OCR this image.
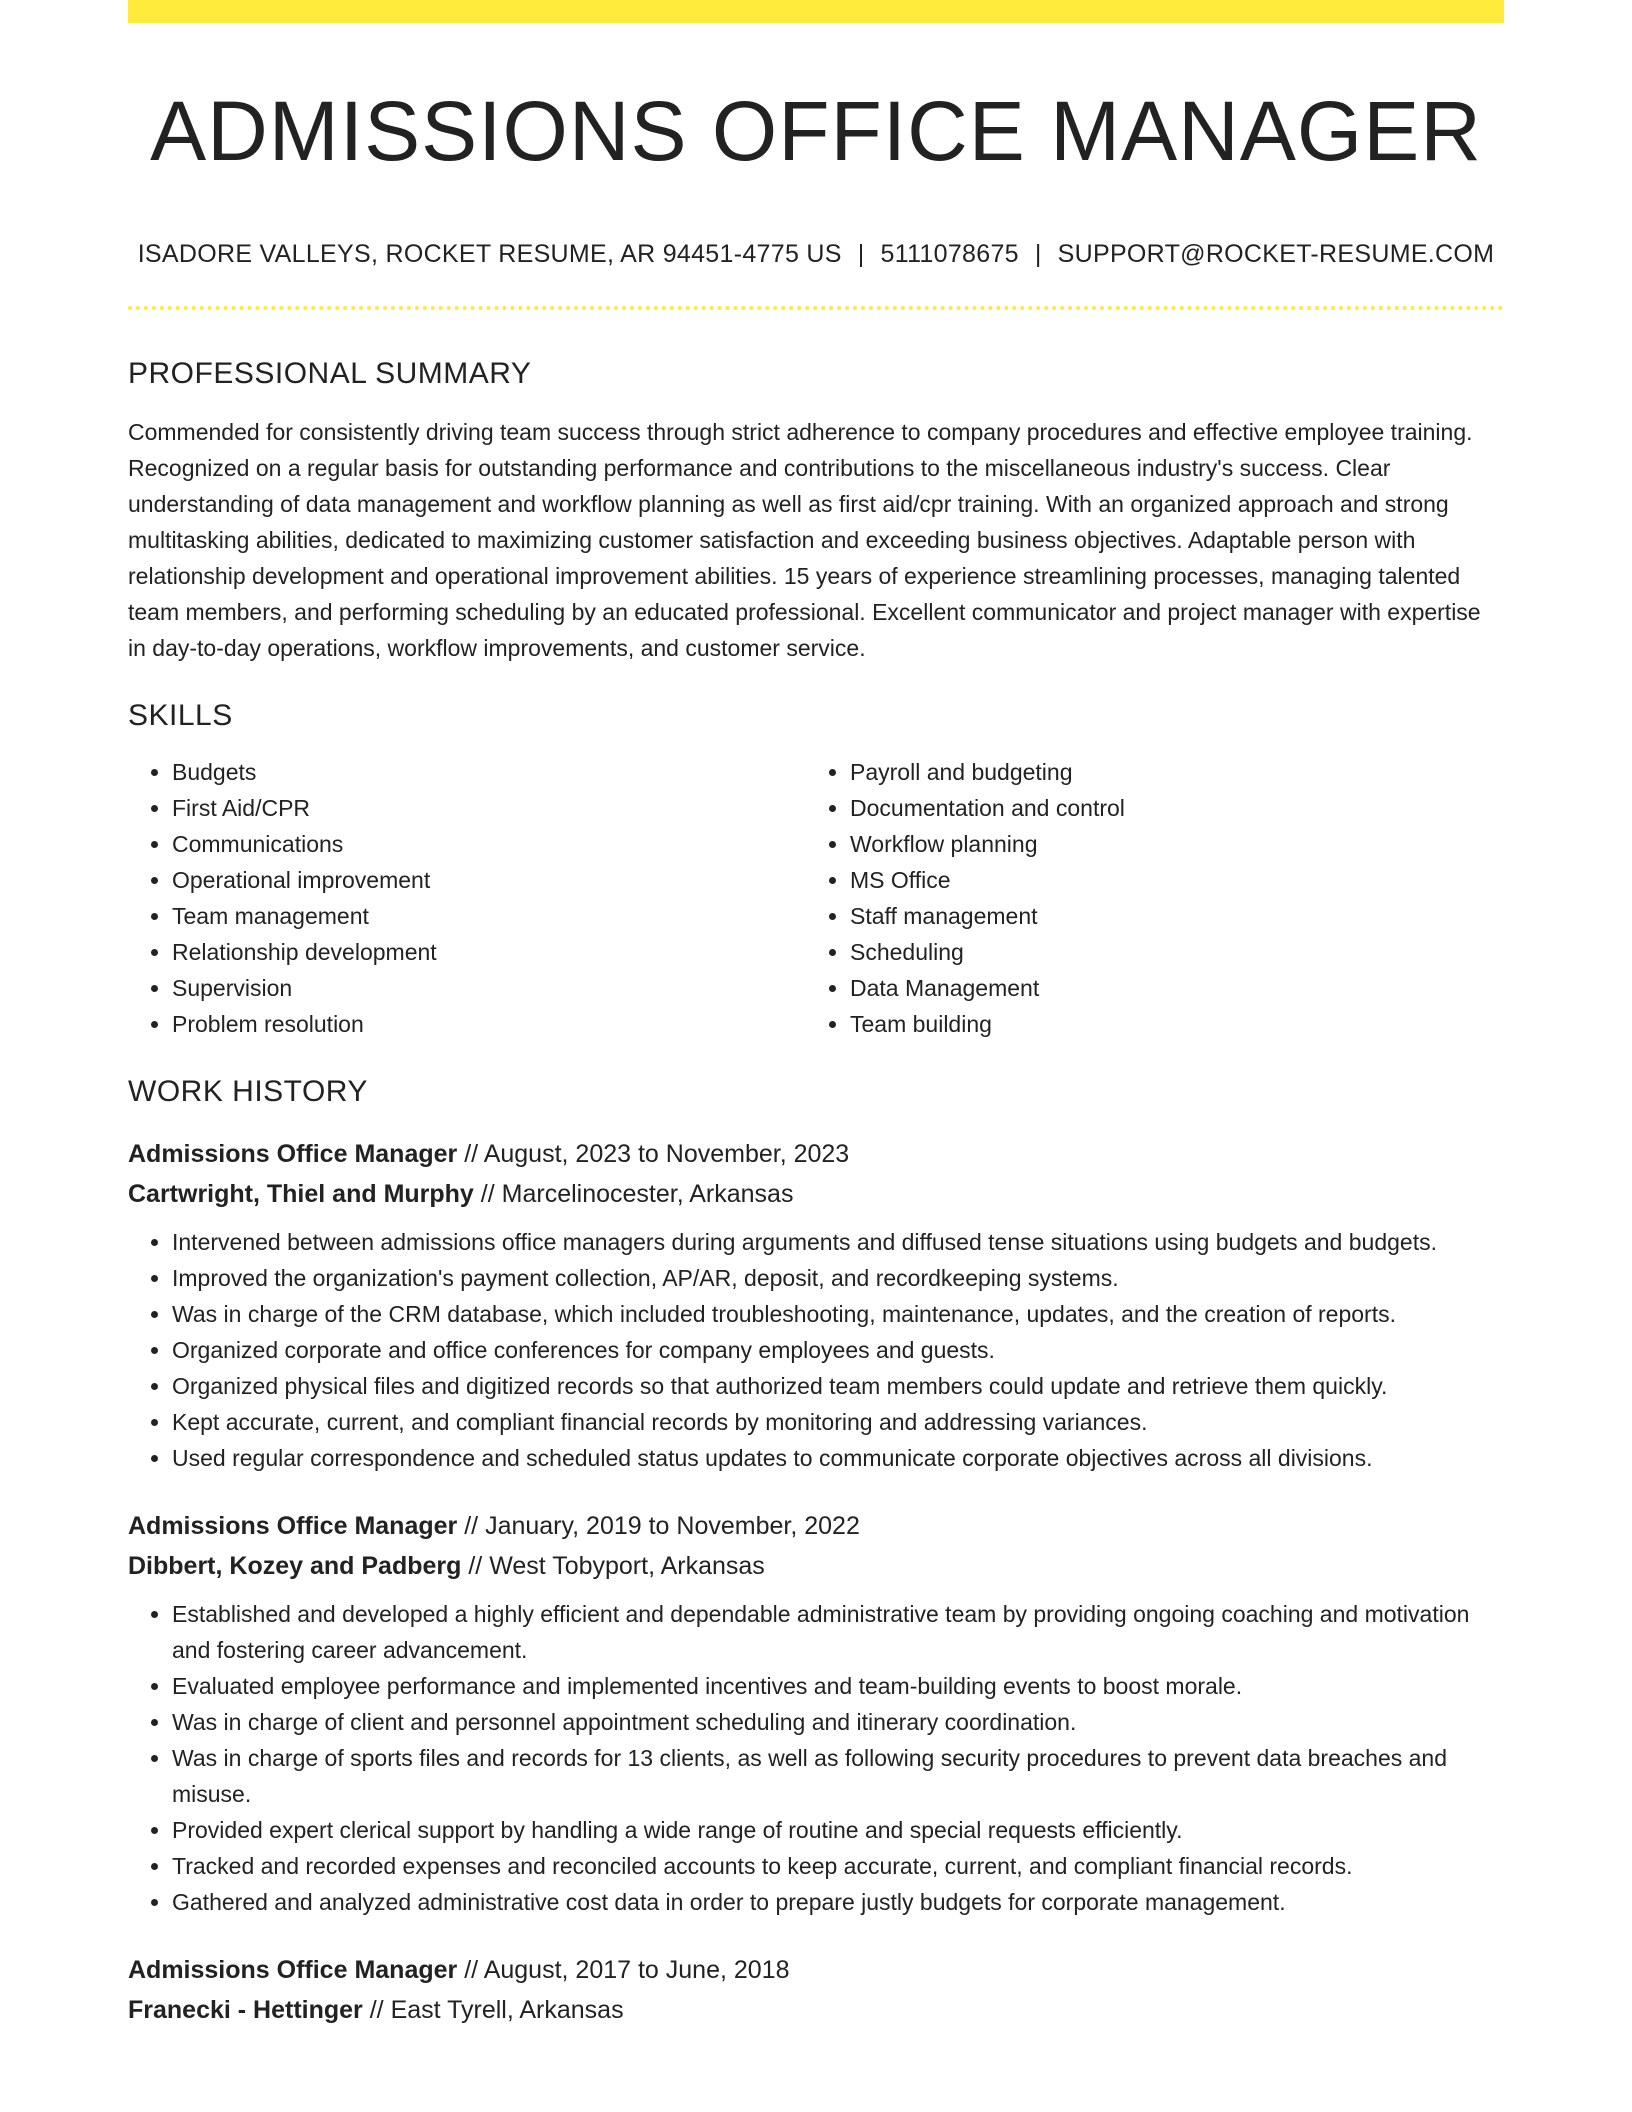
ADMISSIONS OFFICE MANAGER
ISADORE VALLEYS, ROCKET RESUME, AR 94451-4775 US | 5111078675 | SUPPORT@ROCKET-RESUME.COM
PROFESSIONAL SUMMARY

Commended for consistently driving team success through strict adherence to company procedures and effective employee training. Recognized on a regular basis for outstanding performance and contributions to the miscellaneous industry's success. Clear understanding of data management and workflow planning as well as first aid/cpr training. With an organized approach and strong multitasking abilities, dedicated to maximizing customer satisfaction and exceeding business objectives. Adaptable person with relationship development and operational improvement abilities. 15 years of experience streamlining processes, managing talented team members, and performing scheduling by an educated professional. Excellent communicator and project manager with expertise in day-to-day operations, workflow improvements, and customer service.

SKILLS
• Budgets
• First Aid/CPR
• Communications
• Operational improvement
• Team management
• Relationship development
• Supervision
• Problem resolution
• Payroll and budgeting
• Documentation and control
• Workflow planning
• MS Office
• Staff management
• Scheduling
• Data Management
• Team building
WORK HISTORY
Admissions Office Manager // August, 2023 to November, 2023
Cartwright, Thiel and Murphy // Marcelinocester, Arkansas
• Intervened between admissions office managers during arguments and diffused tense situations using budgets and budgets.
• Improved the organization's payment collection, AP/AR, deposit, and recordkeeping systems.
• Was in charge of the CRM database, which included troubleshooting, maintenance, updates, and the creation of reports.
• Organized corporate and office conferences for company employees and guests.
• Organized physical files and digitized records so that authorized team members could update and retrieve them quickly.
• Kept accurate, current, and compliant financial records by monitoring and addressing variances.
• Used regular correspondence and scheduled status updates to communicate corporate objectives across all divisions.
Admissions Office Manager // January, 2019 to November, 2022
Dibbert, Kozey and Padberg // West Tobyport, Arkansas
• Established and developed a highly efficient and dependable administrative team by providing ongoing coaching and motivation and fostering career advancement.
• Evaluated employee performance and implemented incentives and team-building events to boost morale.
• Was in charge of client and personnel appointment scheduling and itinerary coordination.
• Was in charge of sports files and records for 13 clients, as well as following security procedures to prevent data breaches and misuse.
• Provided expert clerical support by handling a wide range of routine and special requests efficiently.
• Tracked and recorded expenses and reconciled accounts to keep accurate, current, and compliant financial records.
• Gathered and analyzed administrative cost data in order to prepare justly budgets for corporate management.
Admissions Office Manager // August, 2017 to June, 2018
Franecki - Hettinger // East Tyrell, Arkansas
